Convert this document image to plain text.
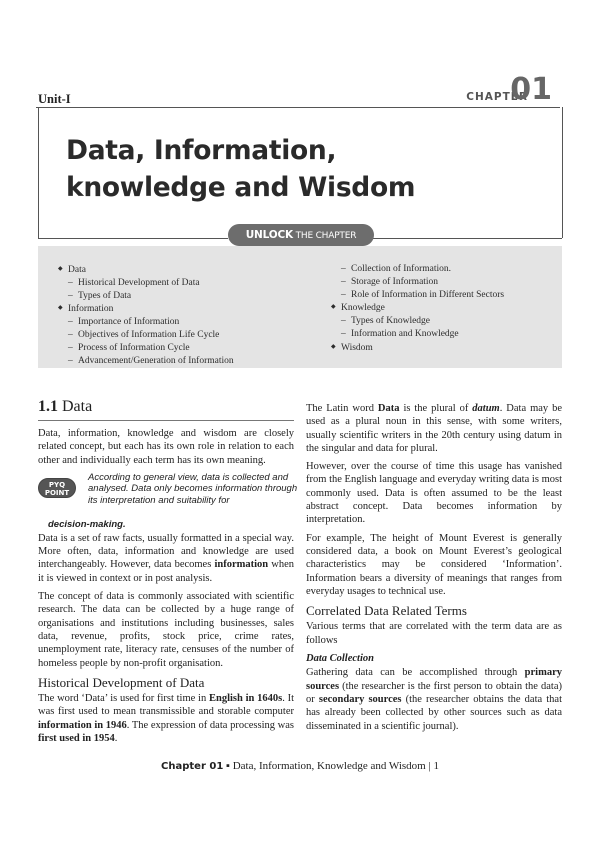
Unit-I	CHAPTER
01
Data, Information,
knowledge and Wisdom
UNLOCK THE CHAPTER
◆ Data
– Historical Development of Data
– Types of Data
◆ Information
– Importance of Information
– Objectives of Information Life Cycle
– Process of Information Cycle
– Advancement/Generation of Information
– Collection of Information.
– Storage of Information
– Role of Information in Different Sectors
◆ Knowledge
– Types of Knowledge
– Information and Knowledge
◆ Wisdom
1.1 Data

Data, information, knowledge and wisdom are closely related concept, but each has its own role in relation to each other and individually each term has its own meaning.

PYQ POINT
According to general view, data is collected and analysed. Data only becomes information through its interpretation and suitability for
decision-making.

Data is a set of raw facts, usually formatted in a special way. More often, data, information and knowledge are used interchangeably. However, data becomes information when it is viewed in context or in post analysis.

The concept of data is commonly associated with scientific research. The data can be collected by a huge range of organisations and institutions including businesses, sales data, revenue, profits, stock price, crime rates, unemployment rate, literacy rate, censuses of the number of homeless people by non-profit organisation.

Historical Development of Data

The word ‘Data’ is used for first time in English in 1640s. It was first used to mean transmissible and storable computer information in 1946. The expression of data processing was first used in 1954.

The Latin word Data is the plural of datum. Data may be used as a plural noun in this sense, with some writers, usually scientific writers in the 20th century using datum in the singular and data for plural.

However, over the course of time this usage has vanished from the English language and everyday writing data is most commonly used. Data is often assumed to be the least abstract concept. Data becomes information by interpretation.

For example, The height of Mount Everest is generally considered data, a book on Mount Everest’s geological characteristics may be considered ‘Information’. Information bears a diversity of meanings that ranges from everyday usages to technical use.

Correlated Data Related Terms

Various terms that are correlated with the term data are as follows

Data Collection

Gathering data can be accomplished through primary sources (the researcher is the first person to obtain the data) or secondary sources (the researcher obtains the data that has already been collected by other sources such as data disseminated in a scientific journal).

Chapter 01 ▪ Data, Information, Knowledge and Wisdom | 1
